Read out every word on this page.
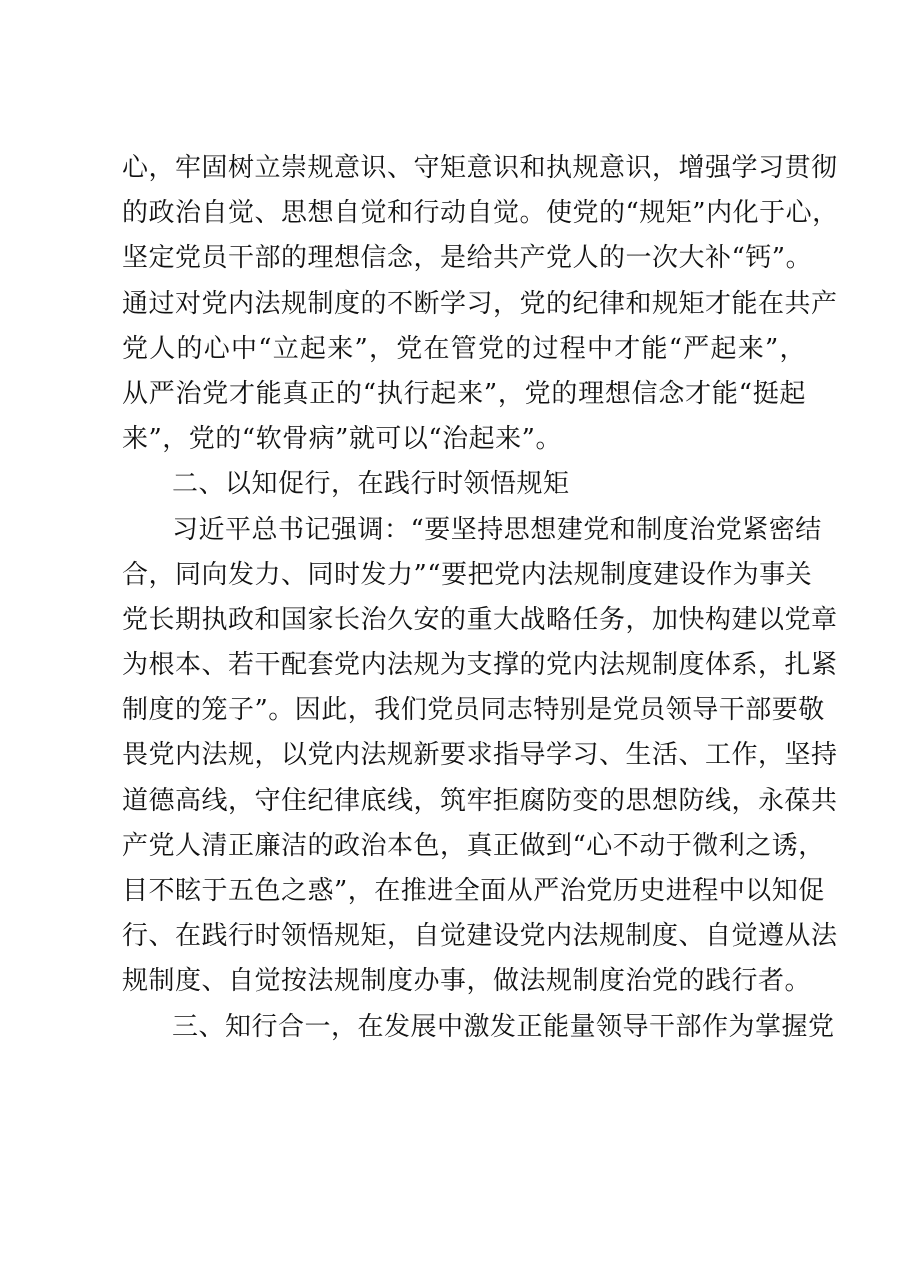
心，牢固树立崇规意识、守矩意识和执规意识，增强学习贯彻
的政治自觉、思想自觉和行动自觉。使党的“规矩”内化于心，
坚定党员干部的理想信念，是给共产党人的一次大补“钙”。
通过对党内法规制度的不断学习，党的纪律和规矩才能在共产
党人的心中“立起来”，党在管党的过程中才能“严起来”，
从严治党才能真正的“执行起来”，党的理想信念才能“挺起
来”，党的“软骨病”就可以“治起来”。
二、以知促行，在践行时领悟规矩
习近平总书记强调：“要坚持思想建党和制度治党紧密结
合，同向发力、同时发力”“要把党内法规制度建设作为事关
党长期执政和国家长治久安的重大战略任务，加快构建以党章
为根本、若干配套党内法规为支撑的党内法规制度体系，扎紧
制度的笼子”。因此，我们党员同志特别是党员领导干部要敬
畏党内法规，以党内法规新要求指导学习、生活、工作，坚持
道德高线，守住纪律底线，筑牢拒腐防变的思想防线，永葆共
产党人清正廉洁的政治本色，真正做到“心不动于微利之诱，
目不眩于五色之惑”，在推进全面从严治党历史进程中以知促
行、在践行时领悟规矩，自觉建设党内法规制度、自觉遵从法
规制度、自觉按法规制度办事，做法规制度治党的践行者。
三、知行合一，在发展中激发正能量领导干部作为掌握党
